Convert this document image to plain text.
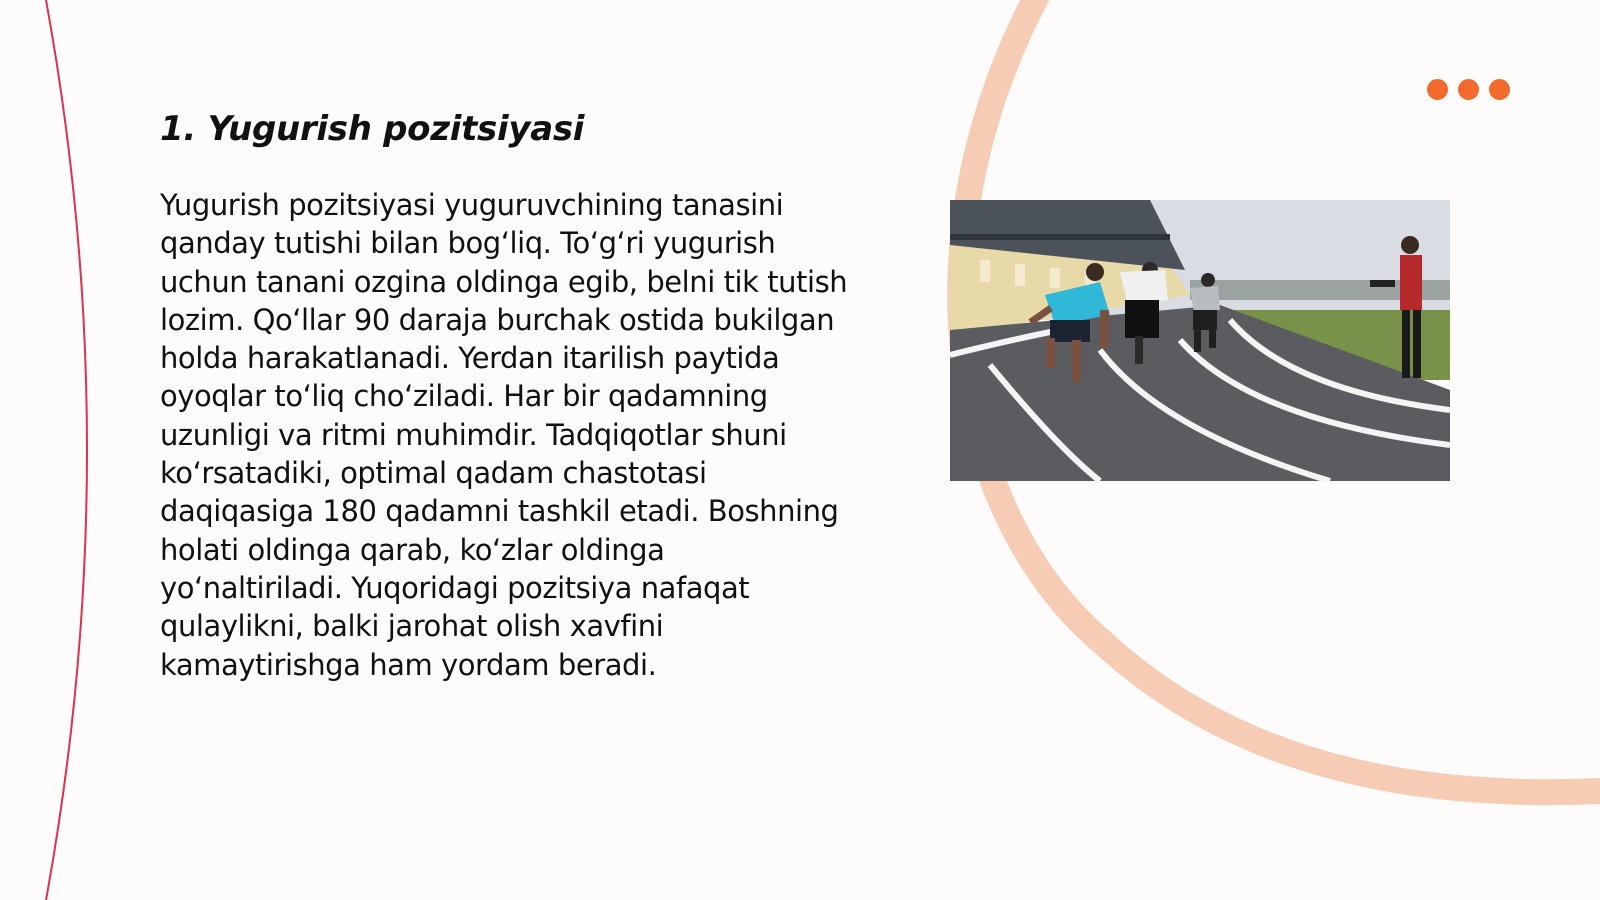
1. Yugurish pozitsiyasi

Yugurish pozitsiyasi yuguruvchining tanasini qanday tutishi bilan bog‘liq. To‘g‘ri yugurish uchun tanani ozgina oldinga egib, belni tik tutish lozim. Qo‘llar 90 daraja burchak ostida bukilgan holda harakatlanadi. Yerdan itarilish paytida oyoqlar to‘liq cho‘ziladi. Har bir qadamning uzunligi va ritmi muhimdir. Tadqiqotlar shuni ko‘rsatadiki, optimal qadam chastotasi daqiqasiga 180 qadamni tashkil etadi. Boshning holati oldinga qarab, ko‘zlar oldinga yo‘naltiriladi. Yuqoridagi pozitsiya nafaqat qulaylikni, balki jarohat olish xavfini kamaytirishga ham yordam beradi.
